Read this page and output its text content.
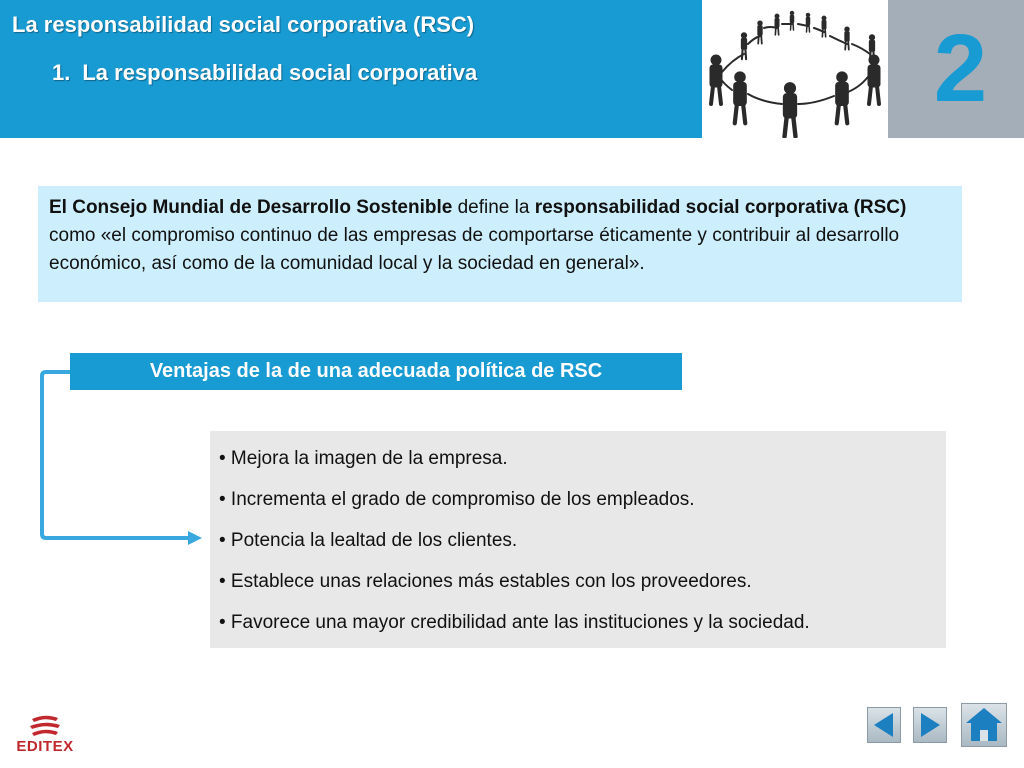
La responsabilidad social corporativa (RSC)
1. La responsabilidad social corporativa	2
El Consejo Mundial de Desarrollo Sostenible define la responsabilidad social corporativa (RSC) como «el compromiso continuo de las empresas de comportarse éticamente y contribuir al desarrollo económico, así como de la comunidad local y la sociedad en general».
Ventajas de la de una adecuada política de RSC
• Mejora la imagen de la empresa.
• Incrementa el grado de compromiso de los empleados.
• Potencia la lealtad de los clientes.
• Establece unas relaciones más estables con los proveedores.
• Favorece una mayor credibilidad ante las instituciones y la sociedad.
EDITEX
